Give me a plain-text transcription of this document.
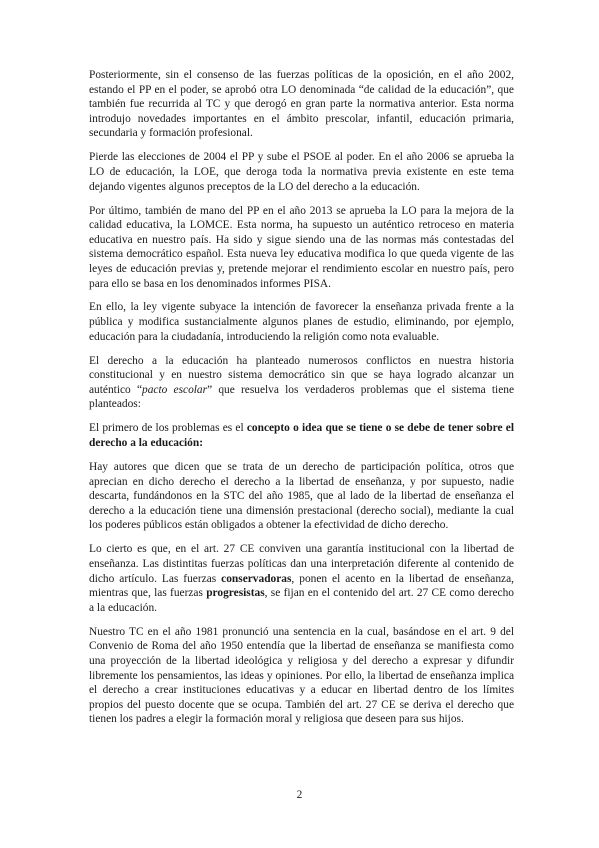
Posteriormente, sin el consenso de las fuerzas políticas de la oposición, en el año 2002, estando el PP en el poder, se aprobó otra LO denominada “de calidad de la educación”, que también fue recurrida al TC y que derogó en gran parte la normativa anterior. Esta norma introdujo novedades importantes en el ámbito prescolar, infantil, educación primaria, secundaria y formación profesional.

Pierde las elecciones de 2004 el PP y sube el PSOE al poder. En el año 2006 se aprueba la LO de educación, la LOE, que deroga toda la normativa previa existente en este tema dejando vigentes algunos preceptos de la LO del derecho a la educación.

Por último, también de mano del PP en el año 2013 se aprueba la LO para la mejora de la calidad educativa, la LOMCE. Esta norma, ha supuesto un auténtico retroceso en materia educativa en nuestro país. Ha sido y sigue siendo una de las normas más contestadas del sistema democrático español. Esta nueva ley educativa modifica lo que queda vigente de las leyes de educación previas y, pretende mejorar el rendimiento escolar en nuestro país, pero para ello se basa en los denominados informes PISA.

En ello, la ley vigente subyace la intención de favorecer la enseñanza privada frente a la pública y modifica sustancialmente algunos planes de estudio, eliminando, por ejemplo, educación para la ciudadanía, introduciendo la religión como nota evaluable.

El derecho a la educación ha planteado numerosos conflictos en nuestra historia constitucional y en nuestro sistema democrático sin que se haya logrado alcanzar un auténtico “pacto escolar” que resuelva los verdaderos problemas que el sistema tiene planteados:

El primero de los problemas es el concepto o idea que se tiene o se debe de tener sobre el derecho a la educación:

Hay autores que dicen que se trata de un derecho de participación política, otros que aprecian en dicho derecho el derecho a la libertad de enseñanza, y por supuesto, nadie descarta, fundándonos en la STC del año 1985, que al lado de la libertad de enseñanza el derecho a la educación tiene una dimensión prestacional (derecho social), mediante la cual los poderes públicos están obligados a obtener la efectividad de dicho derecho.

Lo cierto es que, en el art. 27 CE conviven una garantía institucional con la libertad de enseñanza. Las distintitas fuerzas políticas dan una interpretación diferente al contenido de dicho artículo. Las fuerzas conservadoras, ponen el acento en la libertad de enseñanza, mientras que, las fuerzas progresistas, se fijan en el contenido del art. 27 CE como derecho a la educación.

Nuestro TC en el año 1981 pronunció una sentencia en la cual, basándose en el art. 9 del Convenio de Roma del año 1950 entendía que la libertad de enseñanza se manifiesta como una proyección de la libertad ideológica y religiosa y del derecho a expresar y difundir libremente los pensamientos, las ideas y opiniones. Por ello, la libertad de enseñanza implica el derecho a crear instituciones educativas y a educar en libertad dentro de los límites propios del puesto docente que se ocupa. También del art. 27 CE se deriva el derecho que tienen los padres a elegir la formación moral y religiosa que deseen para sus hijos.

2
